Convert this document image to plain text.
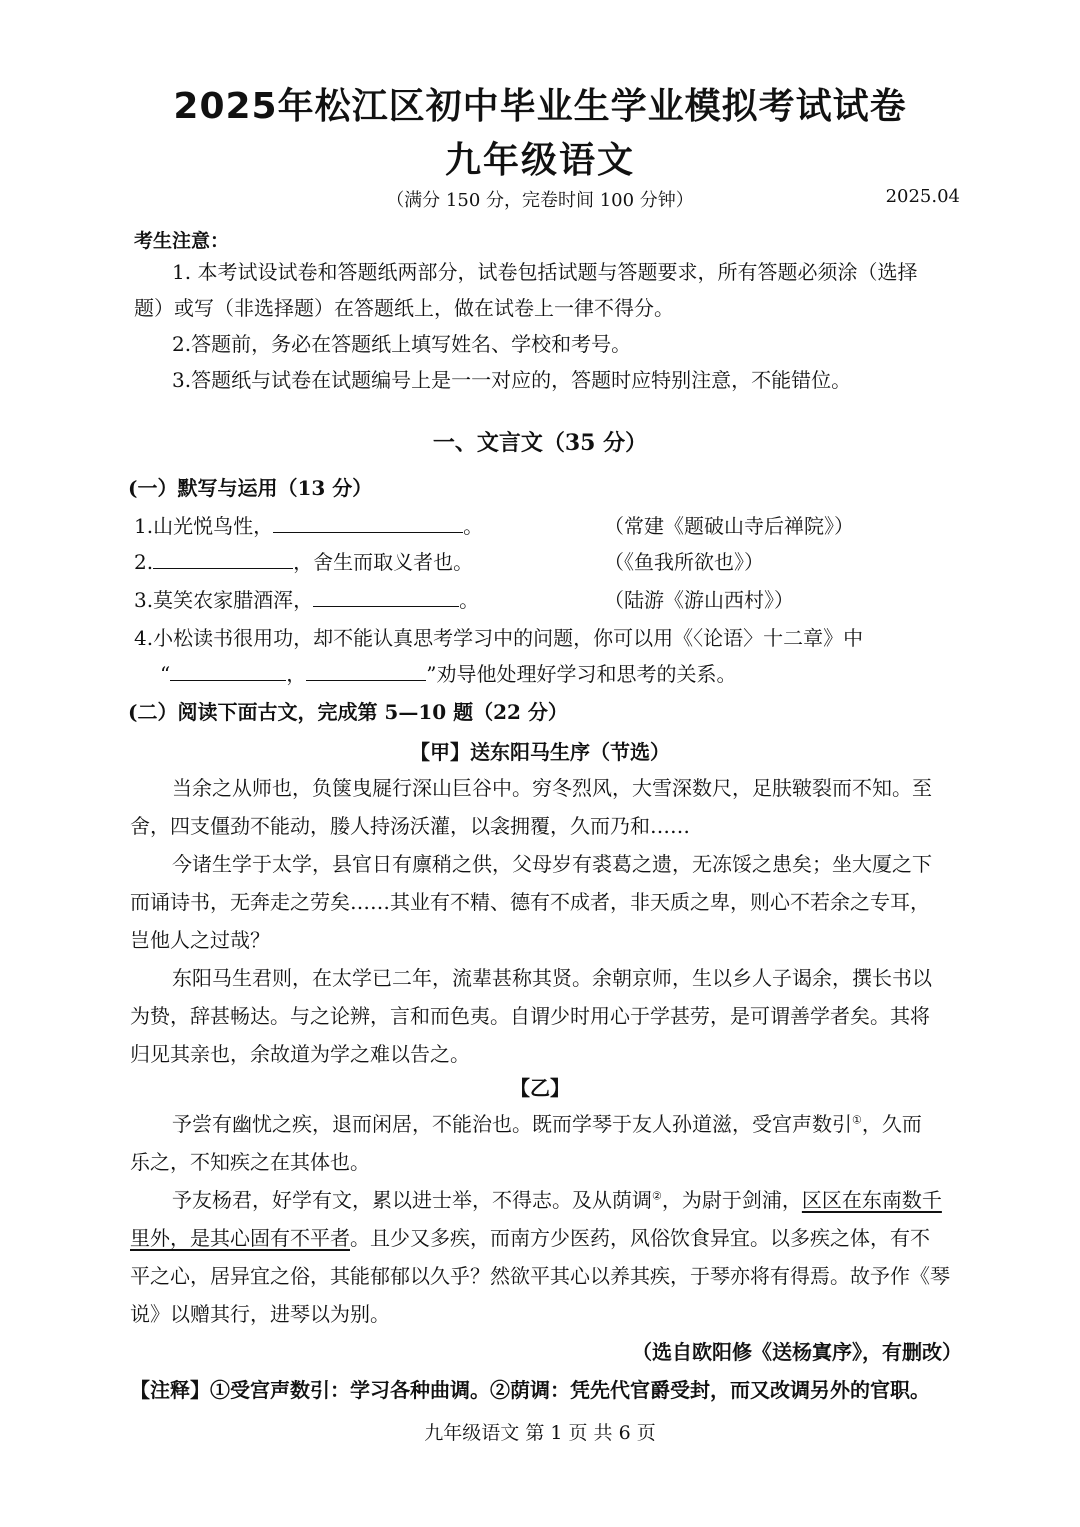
2025年松江区初中毕业生学业模拟考试试卷
九年级语文
（满分 150 分，完卷时间 100 分钟）	2025.04
考生注意：
1. 本考试设试卷和答题纸两部分，试卷包括试题与答题要求，所有答题必须涂（选择
题）或写（非选择题）在答题纸上，做在试卷上一律不得分。
2.答题前，务必在答题纸上填写姓名、学校和考号。
3.答题纸与试卷在试题编号上是一一对应的，答题时应特别注意，不能错位。
一、文言文（35 分）
(一）默写与运用（13 分）
1.山光悦鸟性，	。	（常建《题破山寺后禅院》）
2.	，舍生而取义者也。	（《鱼我所欲也》）
3.莫笑农家腊酒浑，	。	（陆游《游山西村》）
4.小松读书很用功，却不能认真思考学习中的问题，你可以用《〈论语〉十二章》中
“	，	”劝导他处理好学习和思考的关系。
(二）阅读下面古文，完成第 5—10 题（22 分）
【甲】送东阳马生序（节选）
当余之从师也，负箧曳屣行深山巨谷中。穷冬烈风，大雪深数尺，足肤皲裂而不知。至
舍，四支僵劲不能动，媵人持汤沃灌，以衾拥覆，久而乃和……
今诸生学于太学，县官日有廪稍之供，父母岁有裘葛之遗，无冻馁之患矣；坐大厦之下
而诵诗书，无奔走之劳矣……其业有不精、德有不成者，非天质之卑，则心不若余之专耳，
岂他人之过哉？
东阳马生君则，在太学已二年，流辈甚称其贤。余朝京师，生以乡人子谒余，撰长书以
为贽，辞甚畅达。与之论辨，言和而色夷。自谓少时用心于学甚劳，是可谓善学者矣。其将
归见其亲也，余故道为学之难以告之。
【乙】
予尝有幽忧之疾，退而闲居，不能治也。既而学琴于友人孙道滋，受宫声数引①，久而
乐之，不知疾之在其体也。
予友杨君，好学有文，累以进士举，不得志。及从荫调②，为尉于剑浦，区区在东南数千
里外，是其心固有不平者。且少又多疾，而南方少医药，风俗饮食异宜。以多疾之体，有不
平之心，居异宜之俗，其能郁郁以久乎？然欲平其心以养其疾，于琴亦将有得焉。故予作《琴
说》以赠其行，进琴以为别。
（选自欧阳修《送杨寘序》，有删改）
【注释】①受宫声数引：学习各种曲调。②荫调：凭先代官爵受封，而又改调另外的官职。
九年级语文 第 1 页 共 6 页
